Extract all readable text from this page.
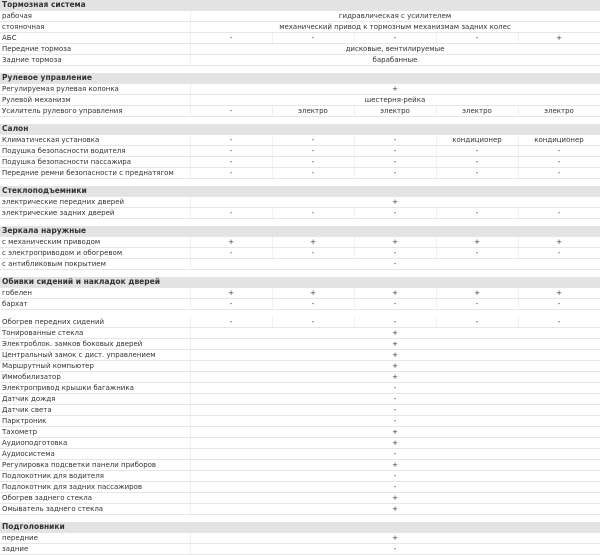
Тормозная система					
рабочая	гидравлическая с усилителем				
стояночная	механический привод к тормозным механизмам задних колес				
АБС	-	-	-	-	+
Передние тормоза	дисковые, вентилируемые				
Задние тормоза	барабанные				

Рулевое управление					
Регулируемая рулевая колонка	+				
Рулевой механизм	шестерня-рейка				
Усилитель рулевого управления	-	электро	электро	электро	электро

Салон					
Климатическая установка	-	-	-	кондиционер	кондиционер
Подушка безопасности водителя	-	-	-	-	-
Подушка безопасности пассажира	-	-	-	-	-
Передние ремни безопасности с преднатягом	-	-	-	-	-

Стеклоподъемники					
электрические передних дверей	+				
электрические задних дверей	-	-	-	-	-

Зеркала наружные					
с механическим приводом	+	+	+	+	+
с электроприводом и обогревом	-	-	-	-	-
с антибликовым покрытием	-				

Обивки сидений и накладок дверей					
гобелен	+	+	+	+	+
бархат	-	-	-	-	-

Обогрев передних сидений	-	-	-	-	-
Тонированные стекла	+				
Электроблок. замков боковых дверей	+				
Центральный замок с дист. управлением	+				
Маршрутный компьютер	+				
Иммобилизатор	+				
Электропривод крышки багажника	-				
Датчик дождя	-				
Датчик света	-				
Парктроник	-				
Тахометр	+				
Аудиоподготовка	+				
Аудиосистема	-				
Регулировка подсветки панели приборов	+				
Подлокотник для водителя	-				
Подлокотник для задних пассажиров	-				
Обогрев заднего стекла	+				
Омыватель заднего стекла	+				

Подголовники					
передние	+				
задние	-				
